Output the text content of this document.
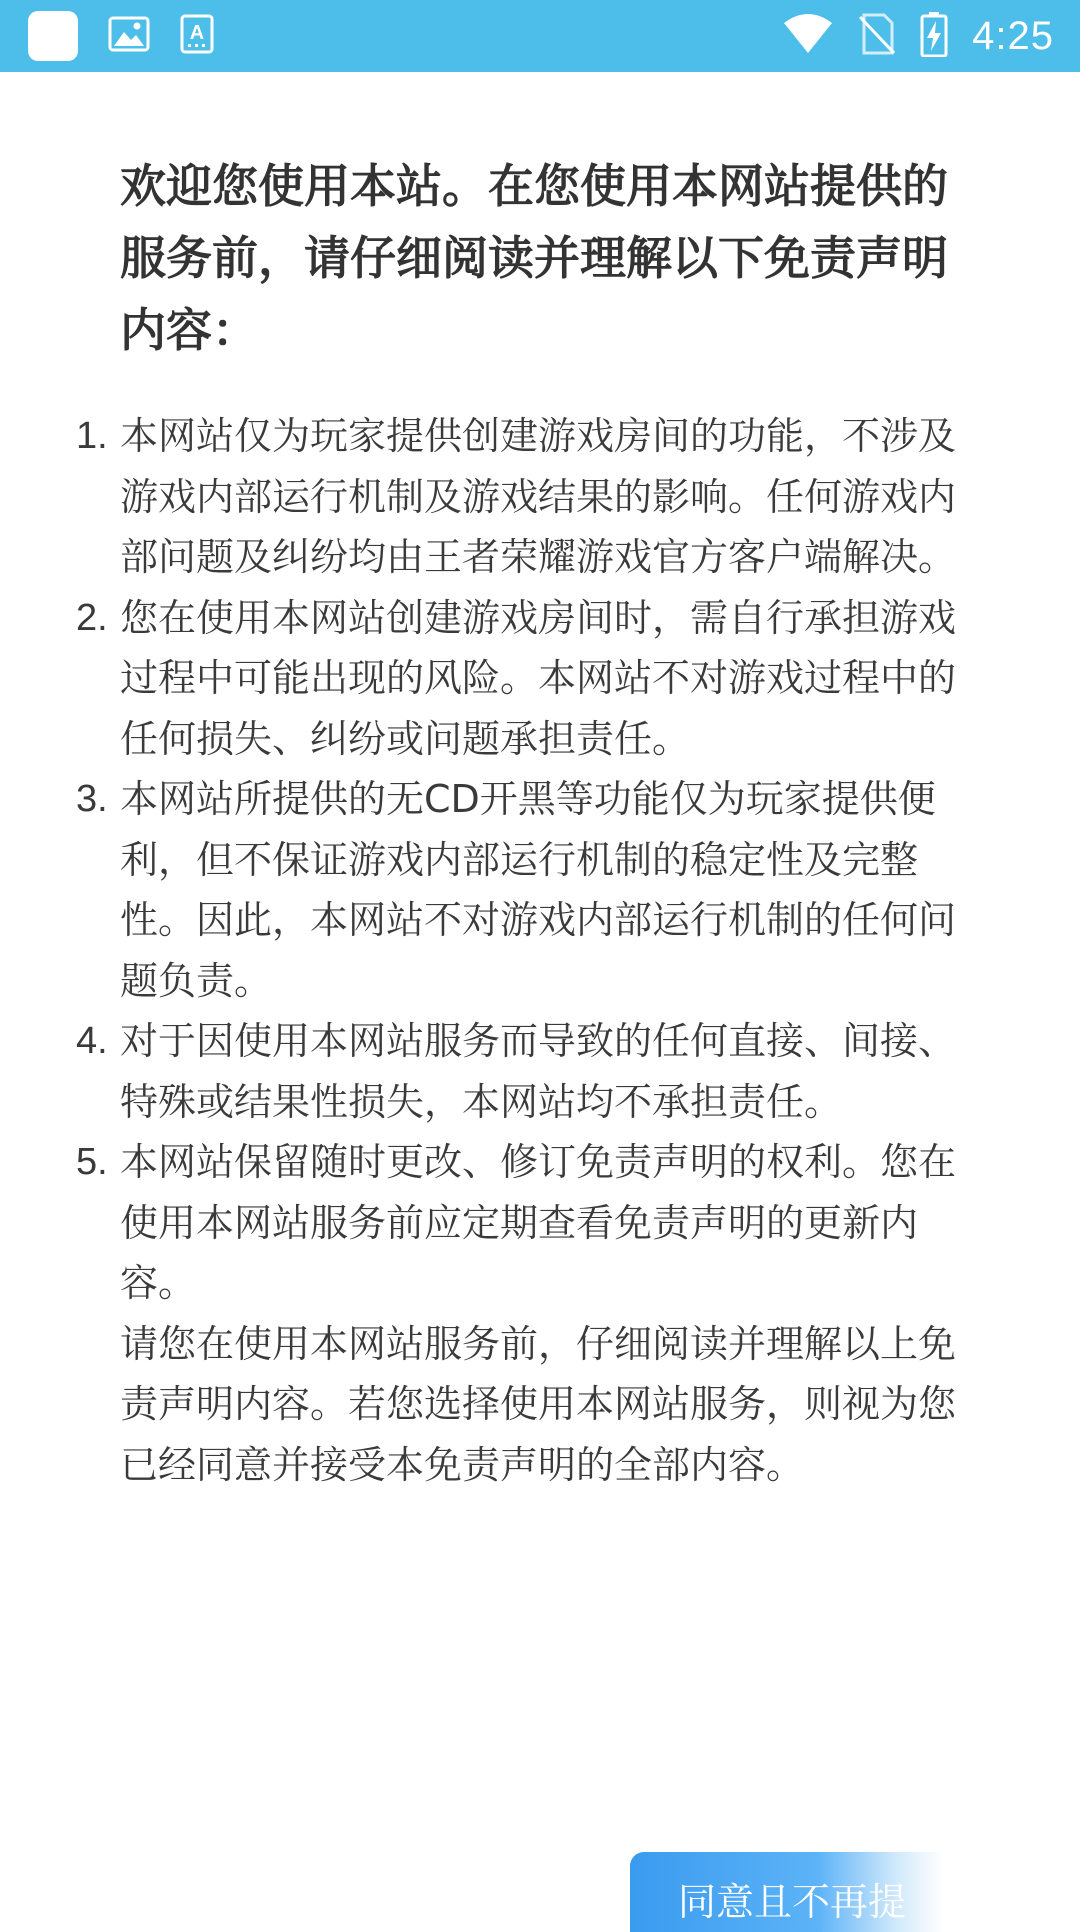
A	4:25
欢迎您使用本站。在您使用本网站提供的服务前，请仔细阅读并理解以下免责声明内容：
1. 本网站仅为玩家提供创建游戏房间的功能，不涉及游戏内部运行机制及游戏结果的影响。任何游戏内部问题及纠纷均由王者荣耀游戏官方客户端解决。
2. 您在使用本网站创建游戏房间时，需自行承担游戏过程中可能出现的风险。本网站不对游戏过程中的任何损失、纠纷或问题承担责任。
3. 本网站所提供的无CD开黑等功能仅为玩家提供便利，但不保证游戏内部运行机制的稳定性及完整性。因此，本网站不对游戏内部运行机制的任何问题负责。
4. 对于因使用本网站服务而导致的任何直接、间接、特殊或结果性损失，本网站均不承担责任。
5. 本网站保留随时更改、修订免责声明的权利。您在使用本网站服务前应定期查看免责声明的更新内容。

请您在使用本网站服务前，仔细阅读并理解以上免责声明内容。若您选择使用本网站服务，则视为您已经同意并接受本免责声明的全部内容。

同意且不再提
